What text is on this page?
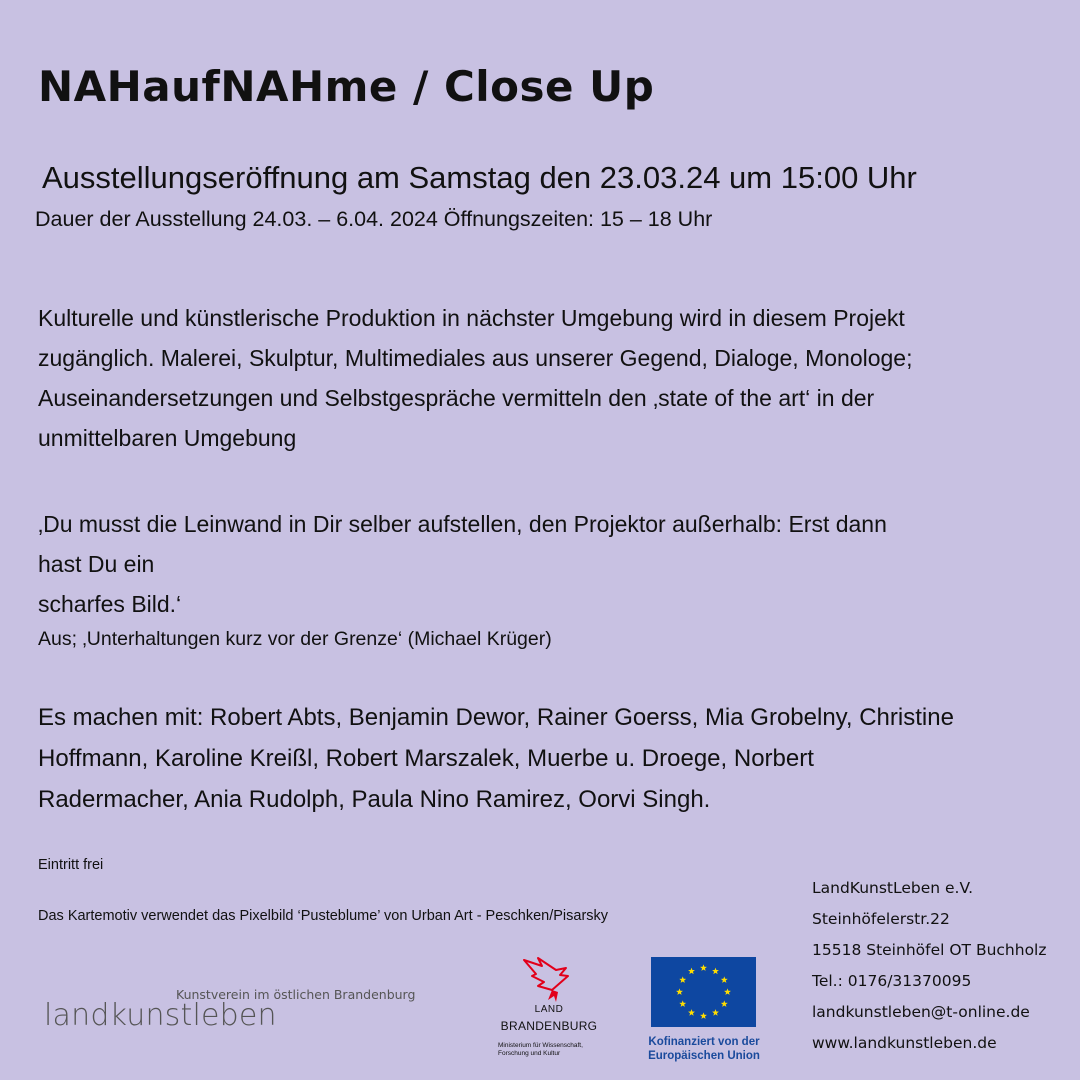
NAHaufNAHme / Close Up
Ausstellungseröffnung am Samstag den 23.03.24 um 15:00 Uhr
Dauer der Ausstellung 24.03. – 6.04. 2024 Öffnungszeiten: 15 – 18 Uhr
Kulturelle und künstlerische Produktion in nächster Umgebung wird in diesem Projekt
zugänglich. Malerei, Skulptur, Multimediales aus unserer Gegend, Dialoge, Monologe;
Auseinandersetzungen und Selbstgespräche vermitteln den ‚state of the art‘ in der
unmittelbaren Umgebung
‚Du musst die Leinwand in Dir selber aufstellen, den Projektor außerhalb: Erst dann
hast Du ein
scharfes Bild.‘
Aus; ‚Unterhaltungen kurz vor der Grenze‘ (Michael Krüger)
Es machen mit: Robert Abts, Benjamin Dewor, Rainer Goerss, Mia Grobelny, Christine
Hoffmann, Karoline Kreißl, Robert Marszalek, Muerbe u. Droege, Norbert
Radermacher, Ania Rudolph, Paula Nino Ramirez, Oorvi Singh.
Eintritt frei
Das Kartemotiv verwendet das Pixelbild ‘Pusteblume’ von Urban Art - Peschken/Pisarsky
LandKunstLeben e.V.
Steinhöfelerstr.22
15518 Steinhöfel OT Buchholz
Tel.: 0176/31370095
landkunstleben@t-online.de
www.landkunstleben.de
Kunstverein im östlichen Brandenburg
landkunstleben	LAND
BRANDENBURG
Ministerium für Wissenschaft,
Forschung und Kultur
Kofinanziert von der
Europäischen Union
